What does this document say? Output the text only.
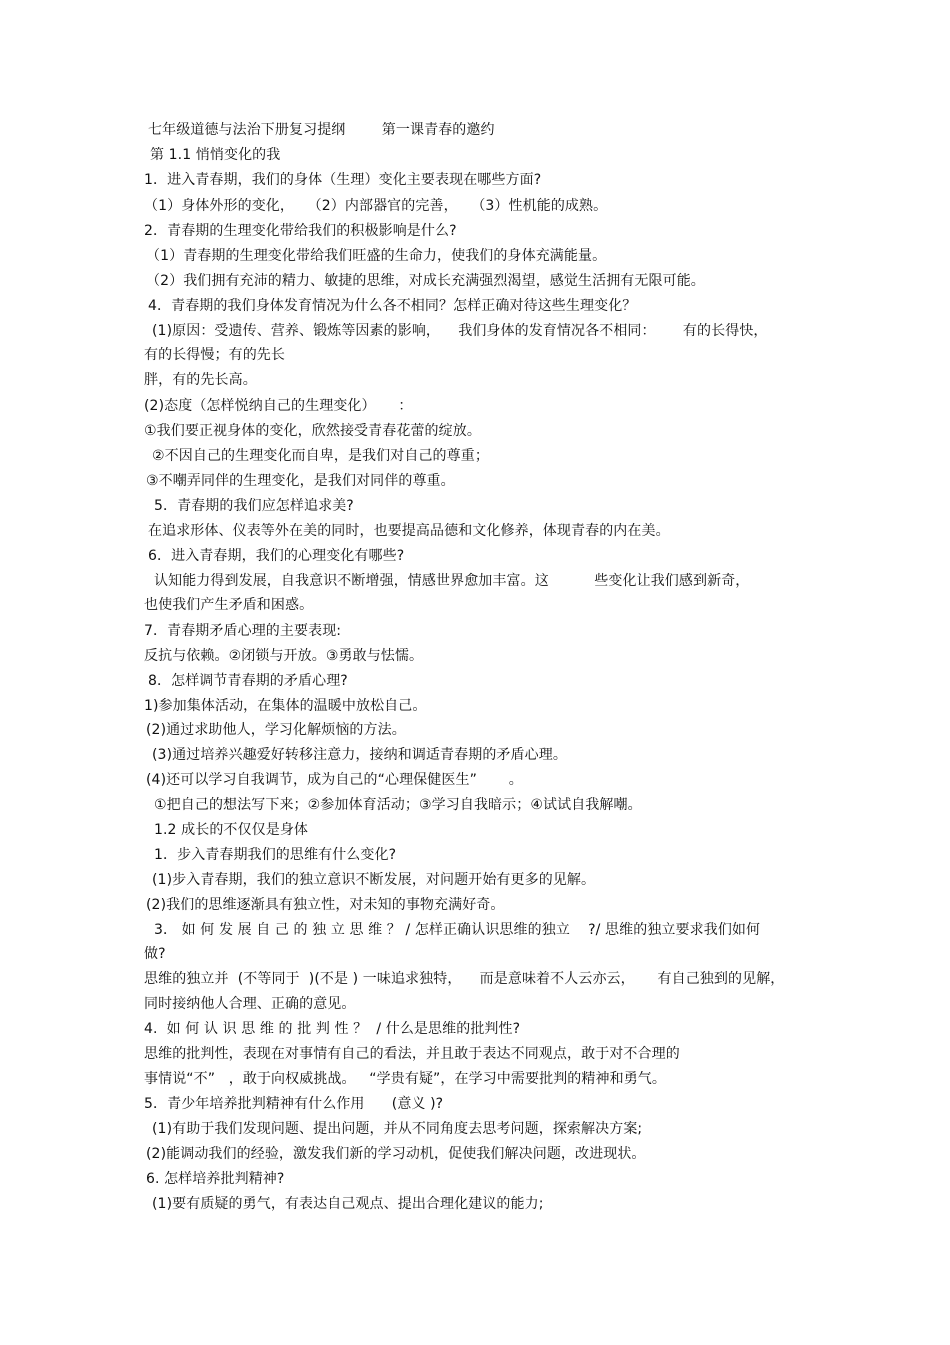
七年级道德与法治下册复习提纲        第一课青春的邀约
第 1.1 悄悄变化的我
1．进入青春期，我们的身体（生理）变化主要表现在哪些方面?
（1）身体外形的变化，   （2）内部器官的完善，   （3）性机能的成熟。
2．青春期的生理变化带给我们的积极影响是什么?
（1）青春期的生理变化带给我们旺盛的生命力，使我们的身体充满能量。
（2）我们拥有充沛的精力、敏捷的思维，对成长充满强烈渴望，感觉生活拥有无限可能。
4．青春期的我们身体发育情况为什么各不相同？怎样正确对待这些生理变化？
(1)原因：受遗传、营养、锻炼等因素的影响，    我们身体的发育情况各不相同：      有的长得快，
有的长得慢；有的先长
胖，有的先长高。
(2)态度（怎样悦纳自己的生理变化）     ：
①我们要正视身体的变化，欣然接受青春花蕾的绽放。
②不因自己的生理变化而自卑，是我们对自己的尊重；
③不嘲弄同伴的生理变化，是我们对同伴的尊重。
5．青春期的我们应怎样追求美?
在追求形体、仪表等外在美的同时，也要提高品德和文化修养，体现青春的内在美。
6．进入青春期，我们的心理变化有哪些?
认知能力得到发展，自我意识不断增强，情感世界愈加丰富。这          些变化让我们感到新奇，
也使我们产生矛盾和困惑。
7．青春期矛盾心理的主要表现:
反抗与依赖。②闭锁与开放。③勇敢与怯懦。
8．怎样调节青春期的矛盾心理?
1)参加集体活动，在集体的温暖中放松自己。
(2)通过求助他人，学习化解烦恼的方法。
(3)通过培养兴趣爱好转移注意力，接纳和调适青春期的矛盾心理。
(4)还可以学习自我调节，成为自己的“心理保健医生”       。
①把自己的想法写下来；②参加体育活动；③学习自我暗示；④试试自我解嘲。
1.2 成长的不仅仅是身体
1．步入青春期我们的思维有什么变化?
(1)步入青春期，我们的独立意识不断发展，对问题开始有更多的见解。
(2)我们的思维逐渐具有独立性，对未知的事物充满好奇。
3． 如 何 发 展 自 己 的 独 立 思 维 ？ / 怎样正确认识思维的独立    ?/ 思维的独立要求我们如何
做?
思维的独立并  (不等同于  )(不是 ) 一味追求独特，    而是意味着不人云亦云，     有自己独到的见解，
同时接纳他人合理、正确的意见。
4.  如 何 认 识 思 维 的 批 判 性 ？  / 什么是思维的批判性?
思维的批判性，表现在对事情有自己的看法，并且敢于表达不同观点，敢于对不合理的
事情说“不”   ，敢于向权威挑战。   “学贵有疑”，在学习中需要批判的精神和勇气。
5．青少年培养批判精神有什么作用      (意义 )?
(1)有助于我们发现问题、提出问题，并从不同角度去思考问题，探索解决方案;
(2)能调动我们的经验，激发我们新的学习动机，促使我们解决问题，改进现状。
6. 怎样培养批判精神?
(1)要有质疑的勇气，有表达自己观点、提出合理化建议的能力;
